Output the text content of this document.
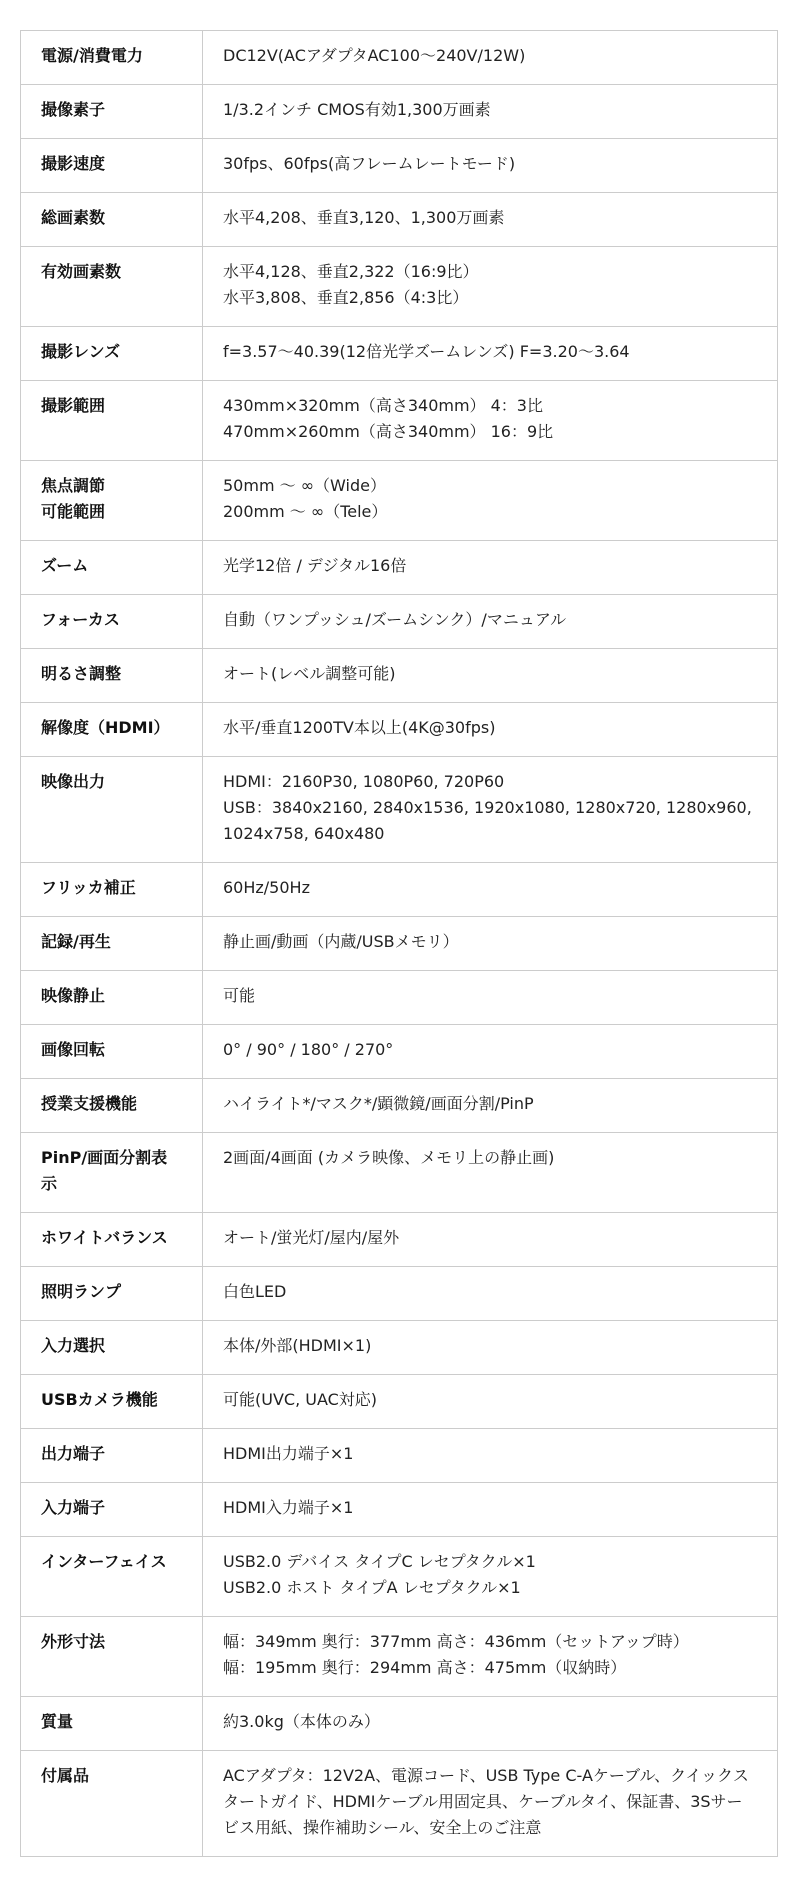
電源/消費電力	DC12V(ACアダプタAC100〜240V/12W)
撮像素子	1/3.2インチ CMOS有効1,300万画素
撮影速度	30fps、60fps(高フレームレートモード)
総画素数	水平4,208、垂直3,120、1,300万画素
有効画素数	水平4,128、垂直2,322（16:9比）
水平3,808、垂直2,856（4:3比）
撮影レンズ	f=3.57〜40.39(12倍光学ズームレンズ) F=3.20〜3.64
撮影範囲	430mm×320mm（高さ340mm） 4：3比
470mm×260mm（高さ340mm） 16：9比
焦点調節
可能範囲	50mm 〜 ∞（Wide）
200mm 〜 ∞（Tele）
ズーム	光学12倍 / デジタル16倍
フォーカス	自動（ワンプッシュ/ズームシンク）/マニュアル
明るさ調整	オート(レベル調整可能)
解像度（HDMI）	水平/垂直1200TV本以上(4K@30fps)
映像出力	HDMI：2160P30, 1080P60, 720P60
USB：3840x2160, 2840x1536, 1920x1080, 1280x720, 1280x960, 1024x758, 640x480
フリッカ補正	60Hz/50Hz
記録/再生	静止画/動画（内蔵/USBメモリ）
映像静止	可能
画像回転	0° / 90° / 180° / 270°
授業支援機能	ハイライト*/マスク*/顕微鏡/画面分割/PinP
PinP/画面分割表示	2画面/4画面 (カメラ映像、メモリ上の静止画)
ホワイトバランス	オート/蛍光灯/屋内/屋外
照明ランプ	白色LED
入力選択	本体/外部(HDMI×1)
USBカメラ機能	可能(UVC, UAC対応)
出力端子	HDMI出力端子×1
入力端子	HDMI入力端子×1
インターフェイス	USB2.0 デバイス タイプC レセプタクル×1
USB2.0 ホスト タイプA レセプタクル×1
外形寸法	幅：349mm 奥行：377mm 高さ：436mm（セットアップ時）
幅：195mm 奥行：294mm 高さ：475mm（収納時）
質量	約3.0kg（本体のみ）
付属品	ACアダプタ：12V2A、電源コード、USB Type C-Aケーブル、クイックスタートガイド、HDMIケーブル用固定具、ケーブルタイ、保証書、3Sサービス用紙、操作補助シール、安全上のご注意
